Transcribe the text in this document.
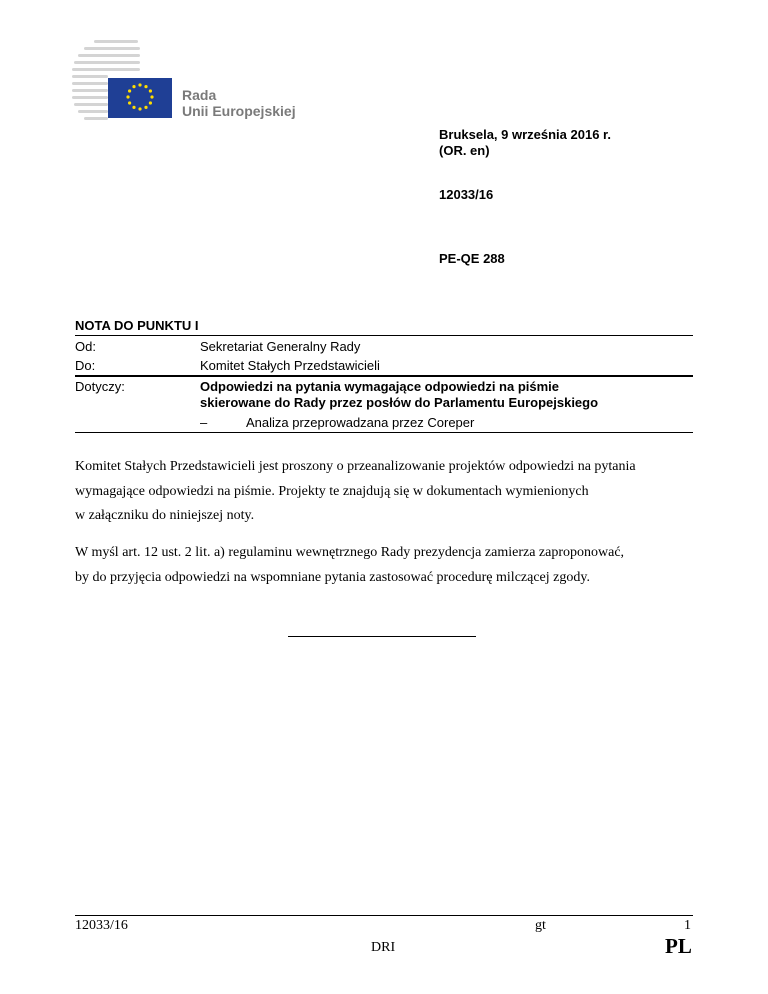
Rada
Unii Europejskiej
Bruksela, 9 września 2016 r.
(OR. en)
12033/16
PE-QE 288
NOTA DO PUNKTU I
Od:	Sekretariat Generalny Rady
Do:	Komitet Stałych Przedstawicieli
Dotyczy:	Odpowiedzi na pytania wymagające odpowiedzi na piśmie
skierowane do Rady przez posłów do Parlamentu Europejskiego
–	Analiza przeprowadzana przez Coreper
Komitet Stałych Przedstawicieli jest proszony o przeanalizowanie projektów odpowiedzi na pytania
wymagające odpowiedzi na piśmie. Projekty te znajdują się w dokumentach wymienionych
w załączniku do niniejszej noty.
W myśl art. 12 ust. 2 lit. a) regulaminu wewnętrznego Rady prezydencja zamierza zaproponować,
by do przyjęcia odpowiedzi na wspomniane pytania zastosować procedurę milczącej zgody.
12033/16	gt	1
DRI	PL
